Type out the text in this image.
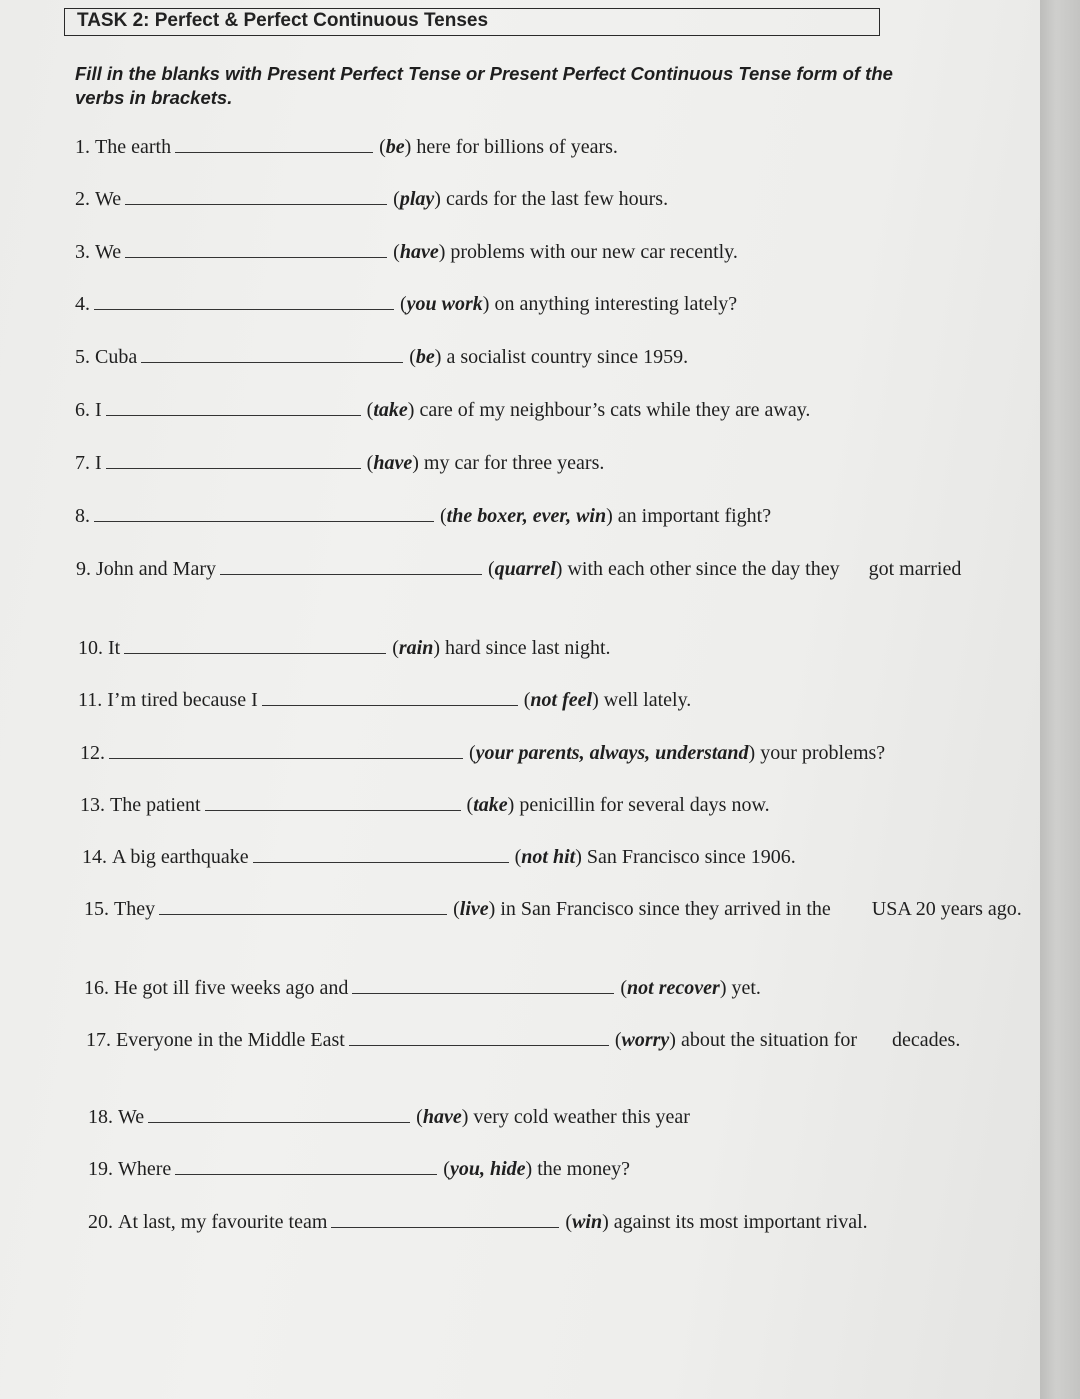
TASK 2: Perfect & Perfect Continuous Tenses
Fill in the blanks with Present Perfect Tense or Present Perfect Continuous Tense form of the verbs in brackets.
1. The earth	(be) here for billions of years.
2. We	(play) cards for the last few hours.
3. We	(have) problems with our new car recently.
4.	(you work) on anything interesting lately?
5. Cuba	(be) a socialist country since 1959.
6. I	(take) care of my neighbour’s cats while they are away.
7. I	(have) my car for three years.
8.	(the boxer, ever, win) an important fight?
9. John and Mary	(quarrel) with each other since the day they got married
10. It	(rain) hard since last night.
11. I’m tired because I	(not feel) well lately.
12.	(your parents, always, understand) your problems?
13. The patient	(take) penicillin for several days now.
14. A big earthquake	(not hit) San Francisco since 1906.
15. They	(live) in San Francisco since they arrived in the USA 20 years ago.
16. He got ill five weeks ago and	(not recover) yet.
17. Everyone in the Middle East	(worry) about the situation for decades.
18. We	(have) very cold weather this year
19. Where	(you, hide) the money?
20. At last, my favourite team	(win) against its most important rival.
